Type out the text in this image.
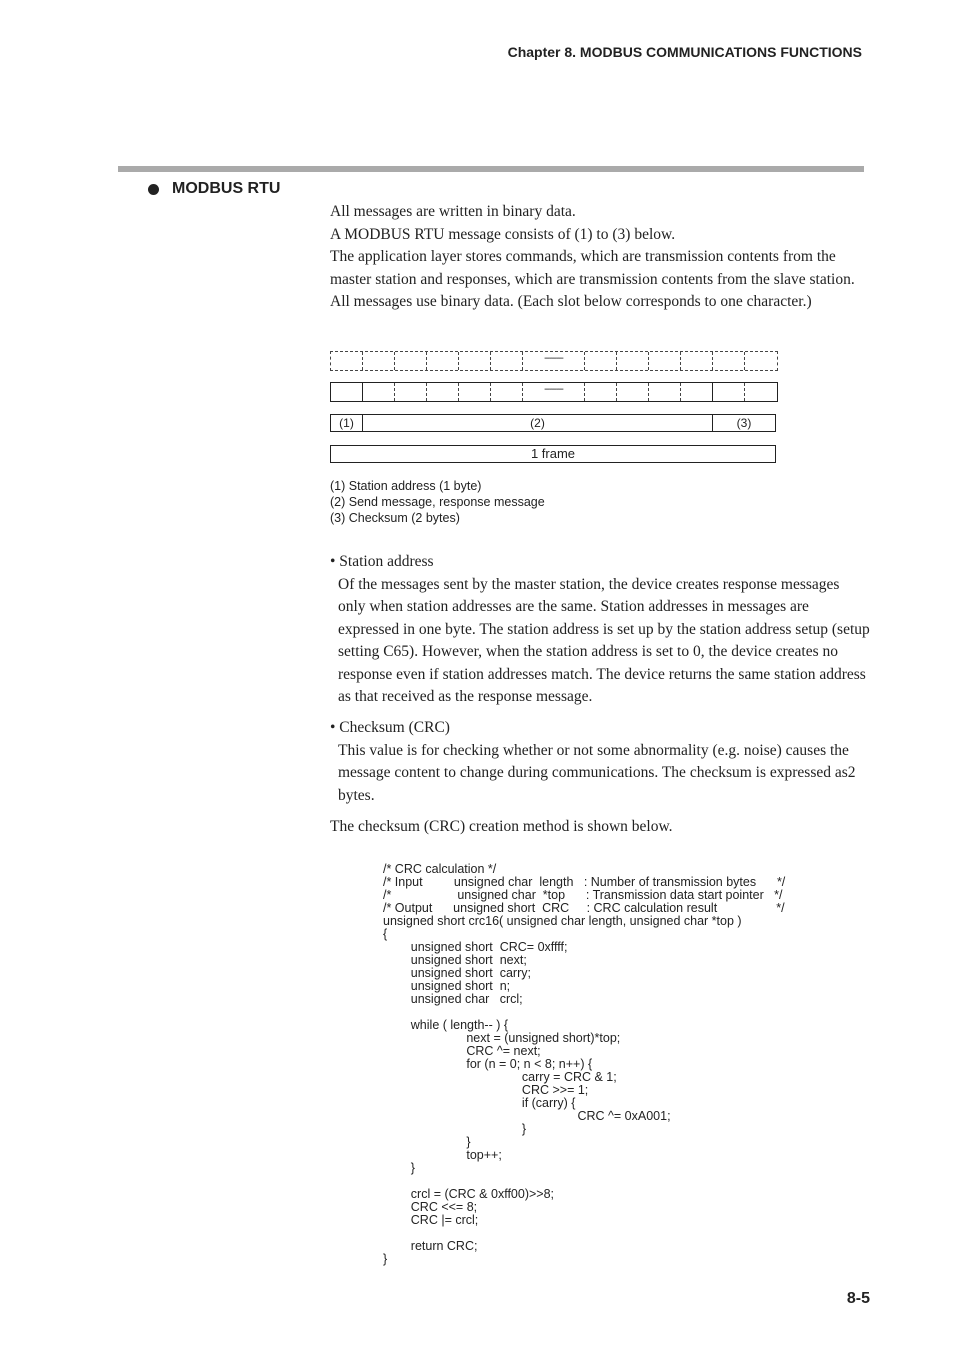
Chapter 8. MODBUS COMMUNICATIONS FUNCTIONS
MODBUS RTU

All messages are written in binary data.

A MODBUS RTU message consists of (1) to (3) below.

The application layer stores commands, which are transmission contents from the master station and responses, which are transmission contents from the slave station.

All messages use binary data. (Each slot below corresponds to one character.)

--------
--------
(1)	(2)	(3)
1 frame
(1) Station address (1 byte)
(2) Send message, response message
(3) Checksum (2 bytes)

• Station address

Of the messages sent by the master station, the device creates response messages only when station addresses are the same. Station addresses in messages are expressed in one byte. The station address is set up by the station address setup (setup setting C65). However, when the station address is set to 0, the device creates no response even if station addresses match. The device returns the same station address as that received as the response message.

• Checksum (CRC)

This value is for checking whether or not some abnormality (e.g. noise) causes the message content to change during communications. The checksum is expressed as2 bytes.

The checksum (CRC) creation method is shown below.
/* CRC calculation */
/* Input         unsigned char  length   : Number of transmission bytes      */
/*                   unsigned char  *top      : Transmission data start pointer   */
/* Output      unsigned short  CRC     : CRC calculation result                 */
unsigned short crc16( unsigned char length, unsigned char *top )
{
unsigned short  CRC= 0xffff;
unsigned short  next;
unsigned short  carry;
unsigned short  n;
unsigned char   crcl;

while ( length-- ) {
next = (unsigned short)*top;
CRC ^= next;
for (n = 0; n < 8; n++) {
carry = CRC & 1;
CRC >>= 1;
if (carry) {
CRC ^= 0xA001;
}
}
top++;
}

crcl = (CRC & 0xff00)>>8;
CRC <<= 8;
CRC |= crcl;

return CRC;
}
8-5
